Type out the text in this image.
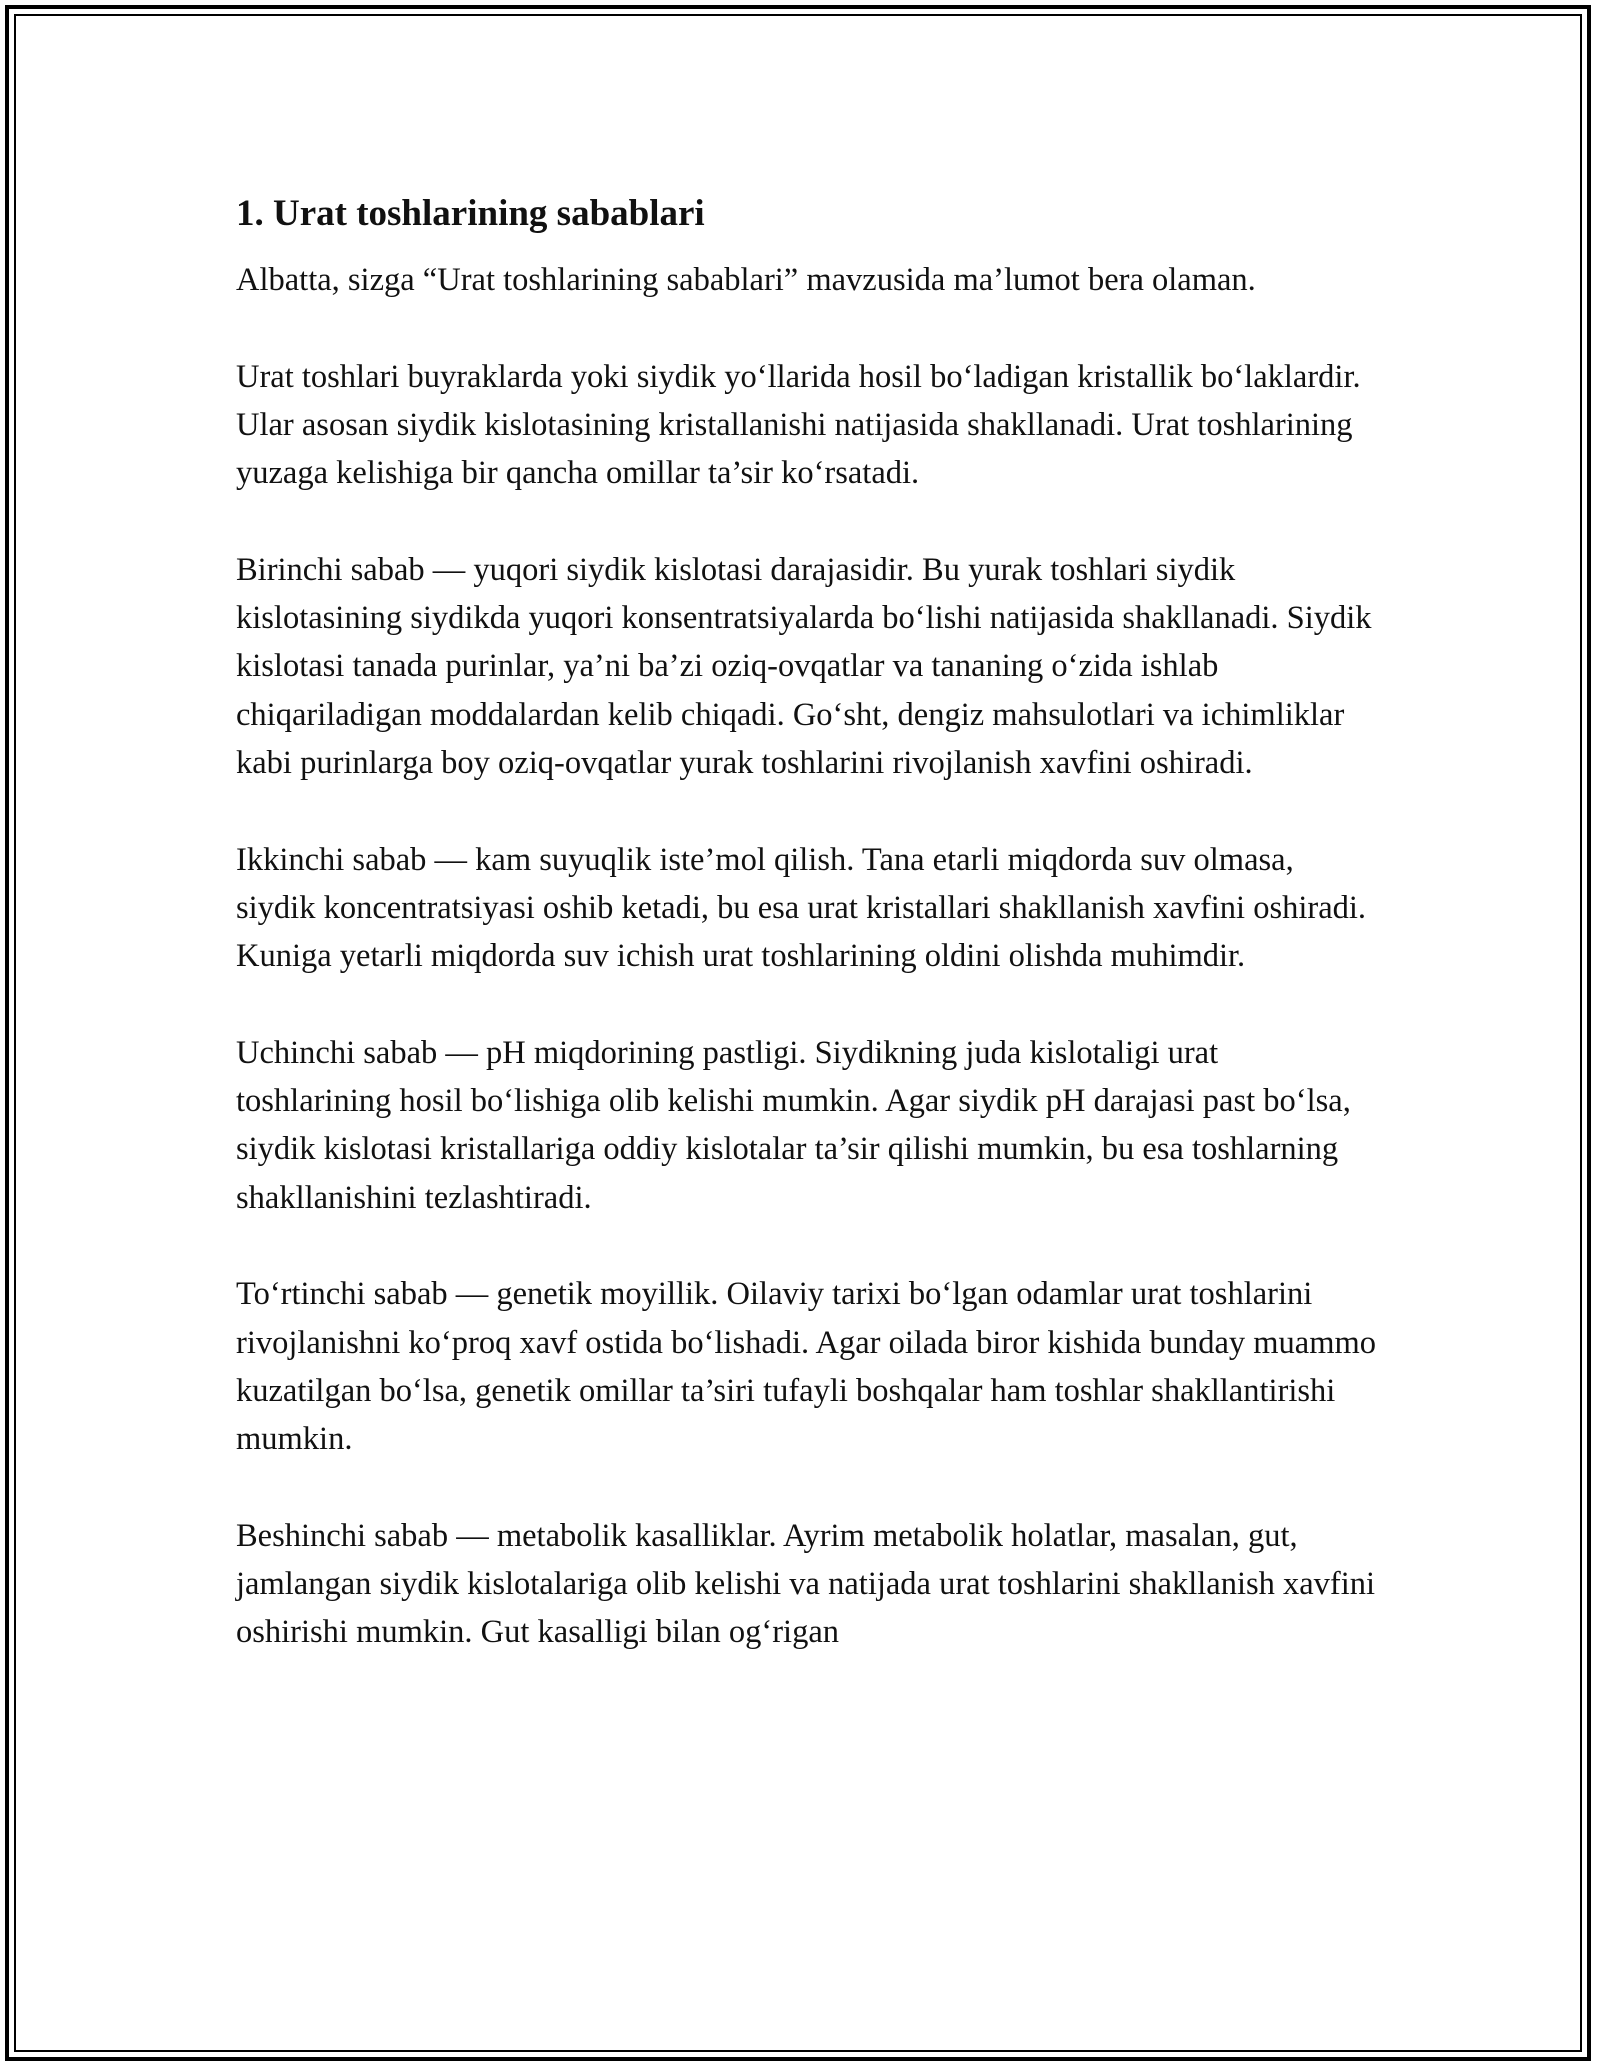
1. Urat toshlarining sabablari

Albatta, sizga “Urat toshlarining sabablari” mavzusida ma’lumot bera olaman.

Urat toshlari buyraklarda yoki siydik yo‘llarida hosil bo‘ladigan kristallik bo‘laklardir. Ular asosan siydik kislotasining kristallanishi natijasida shakllanadi. Urat toshlarining yuzaga kelishiga bir qancha omillar ta’sir ko‘rsatadi.

Birinchi sabab — yuqori siydik kislotasi darajasidir. Bu yurak toshlari siydik kislotasining siydikda yuqori konsentratsiyalarda bo‘lishi natijasida shakllanadi. Siydik kislotasi tanada purinlar, ya’ni ba’zi oziq-ovqatlar va tananing o‘zida ishlab chiqariladigan moddalardan kelib chiqadi. Go‘sht, dengiz mahsulotlari va ichimliklar kabi purinlarga boy oziq-ovqatlar yurak toshlarini rivojlanish xavfini oshiradi.

Ikkinchi sabab — kam suyuqlik iste’mol qilish. Tana etarli miqdorda suv olmasa, siydik koncentratsiyasi oshib ketadi, bu esa urat kristallari shakllanish xavfini oshiradi. Kuniga yetarli miqdorda suv ichish urat toshlarining oldini olishda muhimdir.

Uchinchi sabab — pH miqdorining pastligi. Siydikning juda kislotaligi urat toshlarining hosil bo‘lishiga olib kelishi mumkin. Agar siydik pH darajasi past bo‘lsa, siydik kislotasi kristallariga oddiy kislotalar ta’sir qilishi mumkin, bu esa toshlarning shakllanishini tezlashtiradi.

To‘rtinchi sabab — genetik moyillik. Oilaviy tarixi bo‘lgan odamlar urat toshlarini rivojlanishni ko‘proq xavf ostida bo‘lishadi. Agar oilada biror kishida bunday muammo kuzatilgan bo‘lsa, genetik omillar ta’siri tufayli boshqalar ham toshlar shakllantirishi mumkin.

Beshinchi sabab — metabolik kasalliklar. Ayrim metabolik holatlar, masalan, gut, jamlangan siydik kislotalariga olib kelishi va natijada urat toshlarini shakllanish xavfini oshirishi mumkin. Gut kasalligi bilan og‘rigan
